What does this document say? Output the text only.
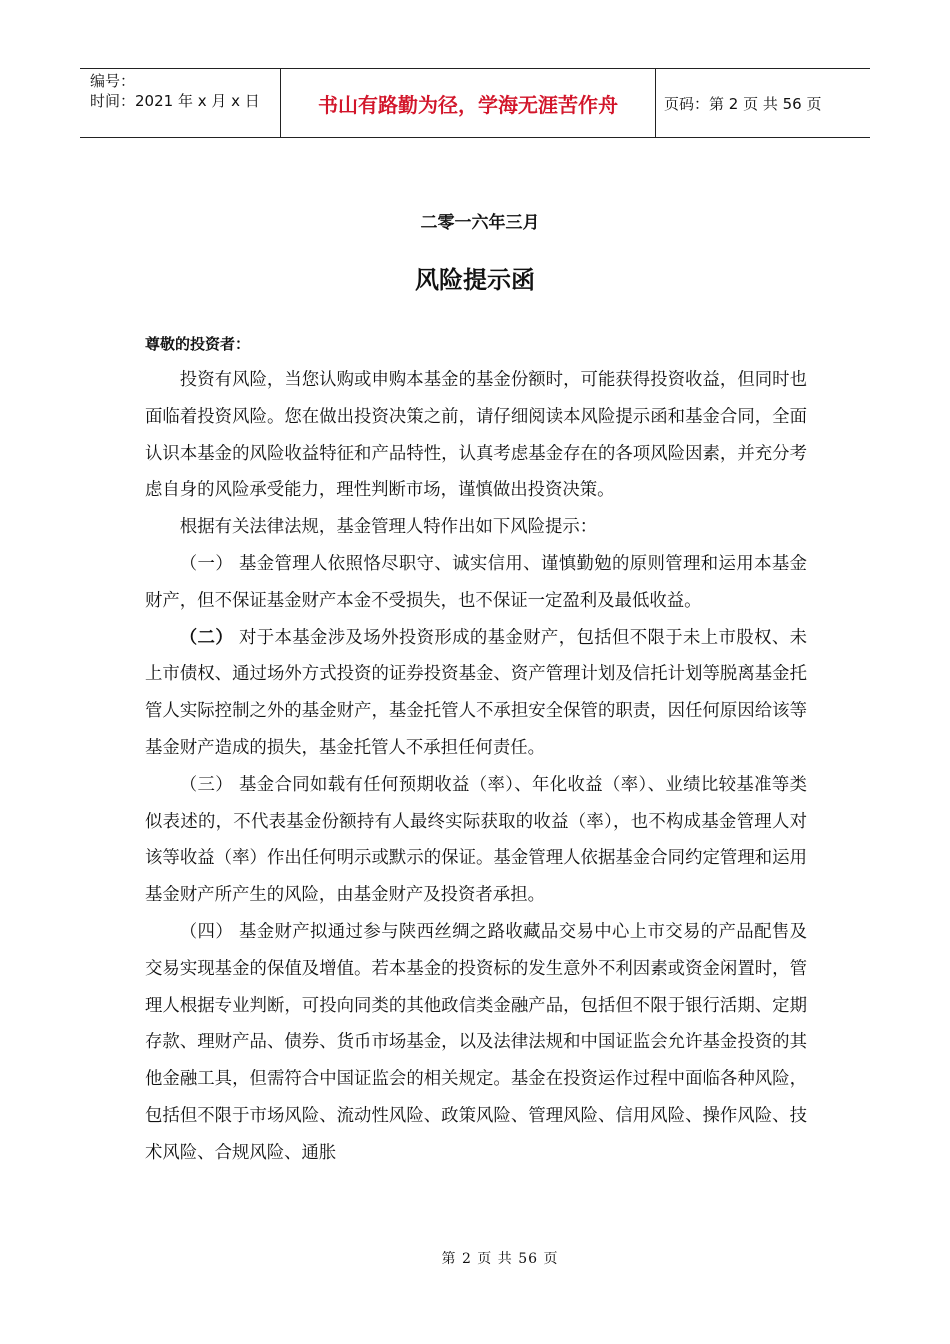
编号：
时间：2021 年 x 月 x 日	书山有路勤为径，学海无涯苦作舟	页码：第 2 页 共 56 页
二零一六年三月
风险提示函
尊敬的投资者：

投资有风险，当您认购或申购本基金的基金份额时，可能获得投资收益，但同时也面临着投资风险。您在做出投资决策之前，请仔细阅读本风险提示函和基金合同，全面认识本基金的风险收益特征和产品特性，认真考虑基金存在的各项风险因素，并充分考虑自身的风险承受能力，理性判断市场，谨慎做出投资决策。

根据有关法律法规，基金管理人特作出如下风险提示：

（一） 基金管理人依照恪尽职守、诚实信用、谨慎勤勉的原则管理和运用本基金财产，但不保证基金财产本金不受损失，也不保证一定盈利及最低收益。

（二） 对于本基金涉及场外投资形成的基金财产，包括但不限于未上市股权、未上市债权、通过场外方式投资的证券投资基金、资产管理计划及信托计划等脱离基金托管人实际控制之外的基金财产，基金托管人不承担安全保管的职责，因任何原因给该等基金财产造成的损失，基金托管人不承担任何责任。

（三） 基金合同如载有任何预期收益（率）、年化收益（率）、业绩比较基准等类似表述的，不代表基金份额持有人最终实际获取的收益（率），也不构成基金管理人对该等收益（率）作出任何明示或默示的保证。基金管理人依据基金合同约定管理和运用基金财产所产生的风险，由基金财产及投资者承担。

（四） 基金财产拟通过参与陕西丝绸之路收藏品交易中心上市交易的产品配售及交易实现基金的保值及增值。若本基金的投资标的发生意外不利因素或资金闲置时，管理人根据专业判断，可投向同类的其他政信类金融产品，包括但不限于银行活期、定期存款、理财产品、债券、货币市场基金，以及法律法规和中国证监会允许基金投资的其他金融工具，但需符合中国证监会的相关规定。基金在投资运作过程中面临各种风险，包括但不限于市场风险、流动性风险、政策风险、管理风险、信用风险、操作风险、技术风险、合规风险、通胀

第 2 页 共 56 页
